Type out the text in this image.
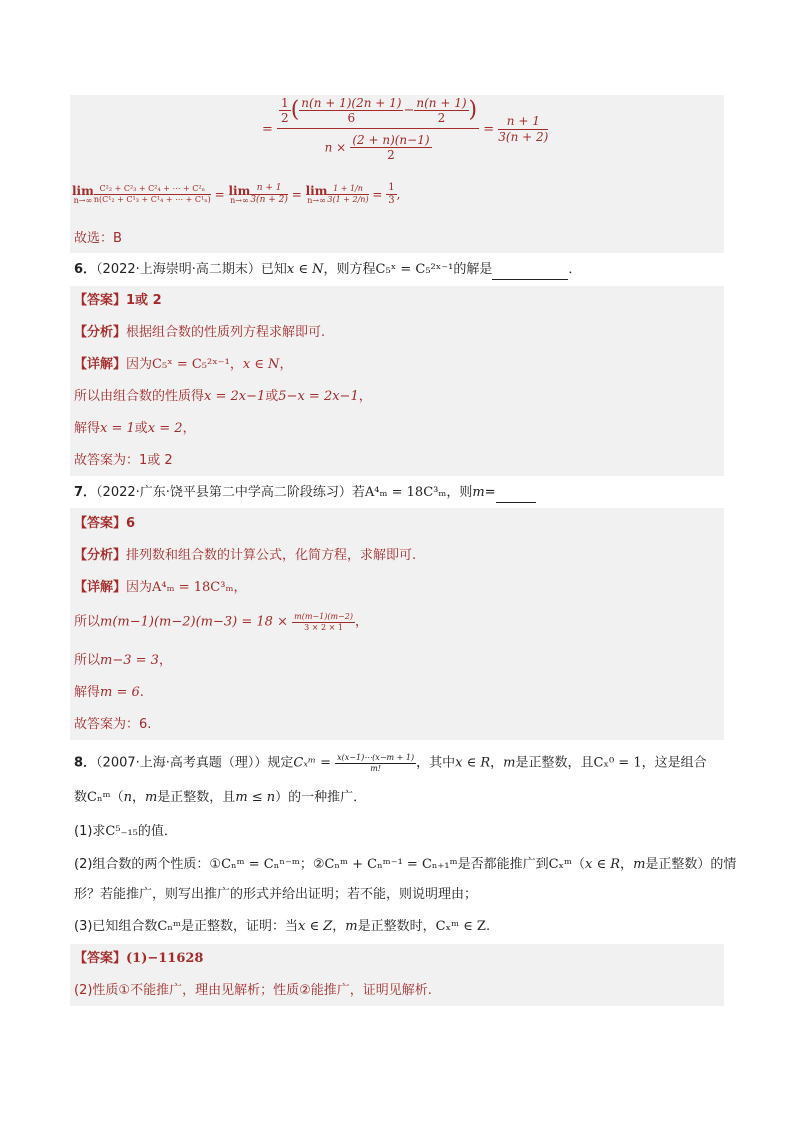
=
$\frac{1}{2}$ ( $\frac{n(n + 1)(2n + 1)}{6} - \frac{n(n + 1)}{2}$ )
$n \times \frac{(2 + n)(n-1)}{2}$
= $\frac{n + 1}{3(n + 2)}$
lim
$n\to\infty \frac{\text{C²₂ + C²₃ + C²₄ + ⋯ + C²ₙ}}{\text{n(C¹₂ + C¹₃ + C¹₄ + ⋯ + C¹ₙ)}} = \lim$
$n\to\infty \frac{n + 1}{3(n + 2)} = \lim$
$n\to\infty \frac{1 + 1/n}{3(1 + 2/n)} = \frac{1}{3}$ ,
故选：B
6．（2022·上海崇明·高二期末）已知x ∈ N，则方程C₅ˣ = C₅²ˣ⁻¹的解是	．
【答案】1或 2
【分析】根据组合数的性质列方程求解即可.
【详解】因为C₅ˣ = C₅²ˣ⁻¹，x ∈ N，
所以由组合数的性质得x = 2x−1或5−x = 2x−1，
解得x = 1或x = 2，
故答案为：1或 2
7．（2022·广东·饶平县第二中学高二阶段练习）若A⁴ₘ = 18C³ₘ，则m=
【答案】6
【分析】排列数和组合数的计算公式，化简方程，求解即可.
【详解】因为A⁴ₘ = 18C³ₘ，
所以$m(m-1)(m-2)(m-3) = 18 \times \frac{m(m-1)(m-2)}{3 \times 2 \times 1}$ ，
所以m−3 = 3，
解得m = 6.
故答案为：6.
8．（2007·上海·高考真题（理））规定Cₓᵐ = $\frac{x(x-1)\cdots(x-m + 1)}{m!}$ ，其中x ∈ R，m是正整数，且Cₓ⁰ = 1，这是组合
数Cₙᵐ（n，m是正整数，且m ≤ n）的一种推广．
(1)求C⁵₋₁₅的值．
(2)组合数的两个性质：①Cₙᵐ = Cₙⁿ⁻ᵐ；②Cₙᵐ + Cₙᵐ⁻¹ = Cₙ₊₁ᵐ是否都能推广到Cₓᵐ（x ∈ R，m是正整数）的情
形？若能推广，则写出推广的形式并给出证明；若不能，则说明理由；
(3)已知组合数Cₙᵐ是正整数，证明：当x ∈ Z，m是正整数时，Cₓᵐ ∈ Z.
【答案】(1)−11628
(2)性质①不能推广，理由见解析；性质②能推广，证明见解析.
